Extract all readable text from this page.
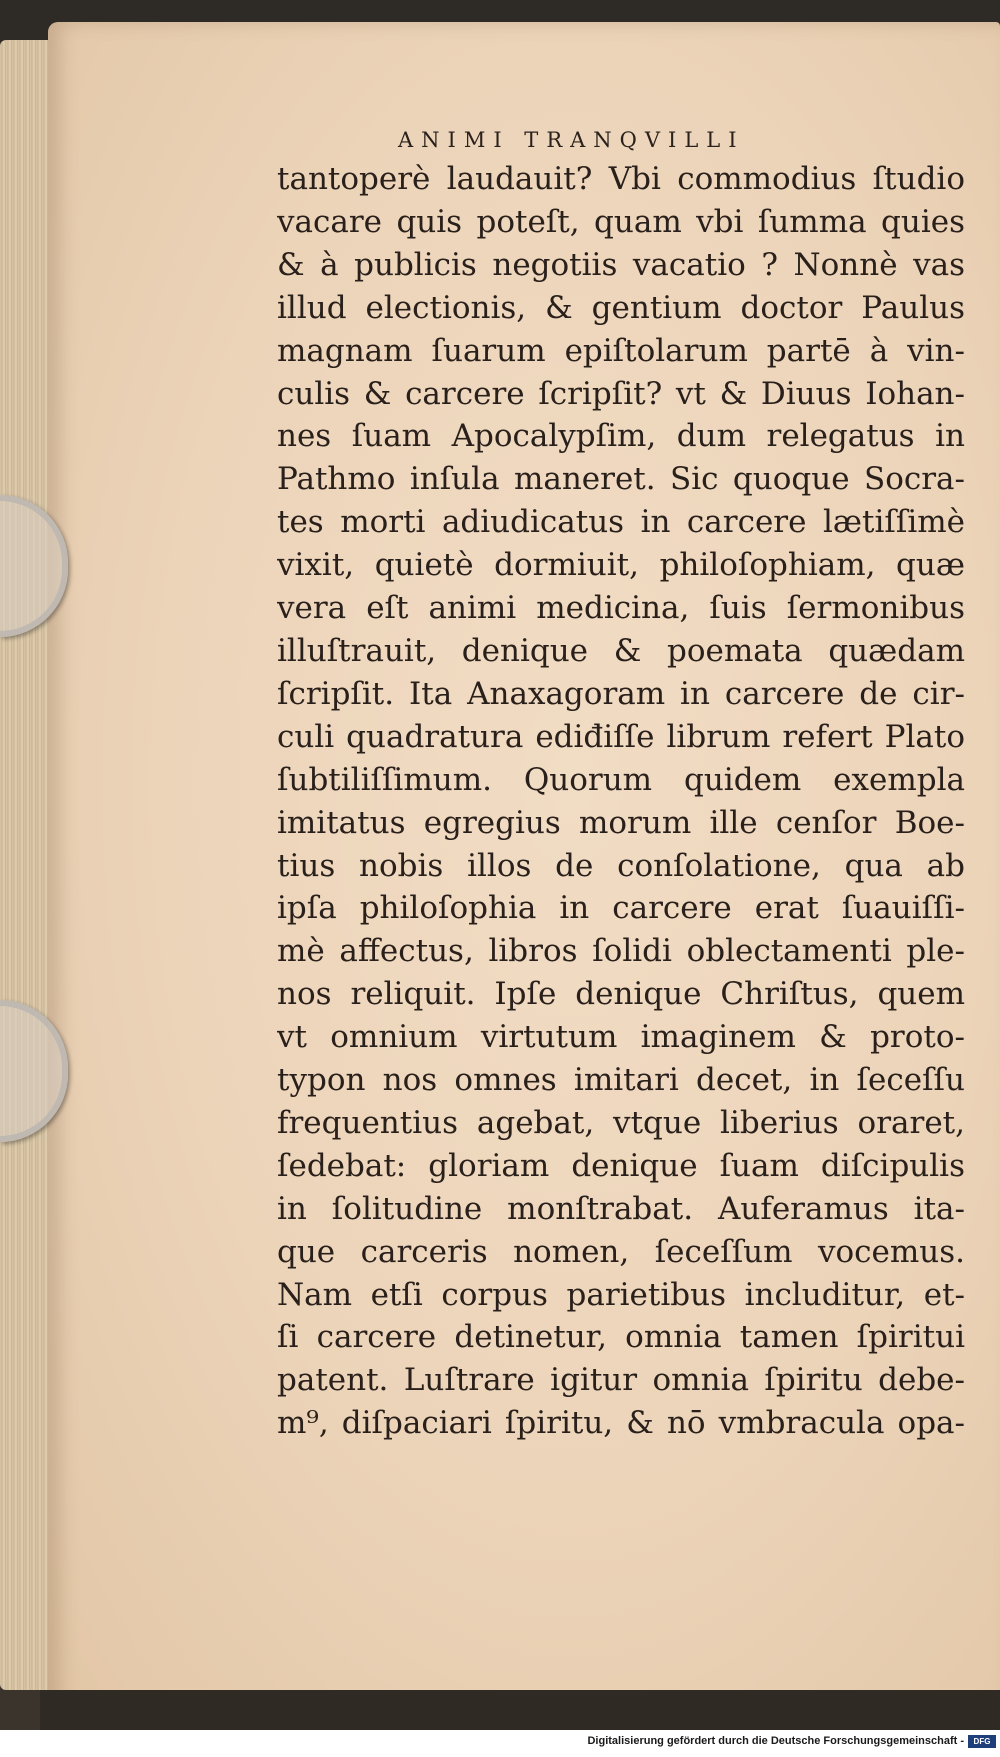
ANIMI TRANQVILLI
tantoperè laudauit? Vbi commodius ſtudio
vacare quis poteſt, quam vbi ſumma quies
& à publicis negotiis vacatio ? Nonnè vas
illud electionis, & gentium doctor Paulus
magnam ſuarum epiſtolarum partē à vin-
culis & carcere ſcripſit? vt & Diuus Iohan-
nes ſuam Apocalypſim, dum relegatus in
Pathmo inſula maneret. Sic quoque Socra-
tes morti adiudicatus in carcere lætiſſimè
vixit, quietè dormiuit, philoſophiam, quæ
vera eſt animi medicina, ſuis ſermonibus
illuſtrauit, denique & poemata quædam
ſcripſit. Ita Anaxagoram in carcere de cir-
culi quadratura ediđiſſe librum refert Plato
ſubtiliſſimum. Quorum quidem exempla
imitatus egregius morum ille cenſor Boe-
tius nobis illos de conſolatione, qua ab
ipſa philoſophia in carcere erat ſuauiſſi-
mè affectus, libros ſolidi oblectamenti ple-
nos reliquit. Ipſe denique Chriſtus, quem
vt omnium virtutum imaginem & proto-
typon nos omnes imitari decet, in ſeceſſu
frequentius agebat, vtque liberius oraret,
ſedebat: gloriam denique ſuam diſcipulis
in ſolitudine monſtrabat. Auferamus ita-
que carceris nomen, ſeceſſum vocemus.
Nam etſi corpus parietibus includitur, et-
ſi carcere detinetur, omnia tamen ſpiritui
patent. Luſtrare igitur omnia ſpiritu debe-
m⁹, diſpaciari ſpiritu, & nō vmbracula opa-
Digitalisierung gefördert durch die Deutsche Forschungsgemeinschaft -	DFG
